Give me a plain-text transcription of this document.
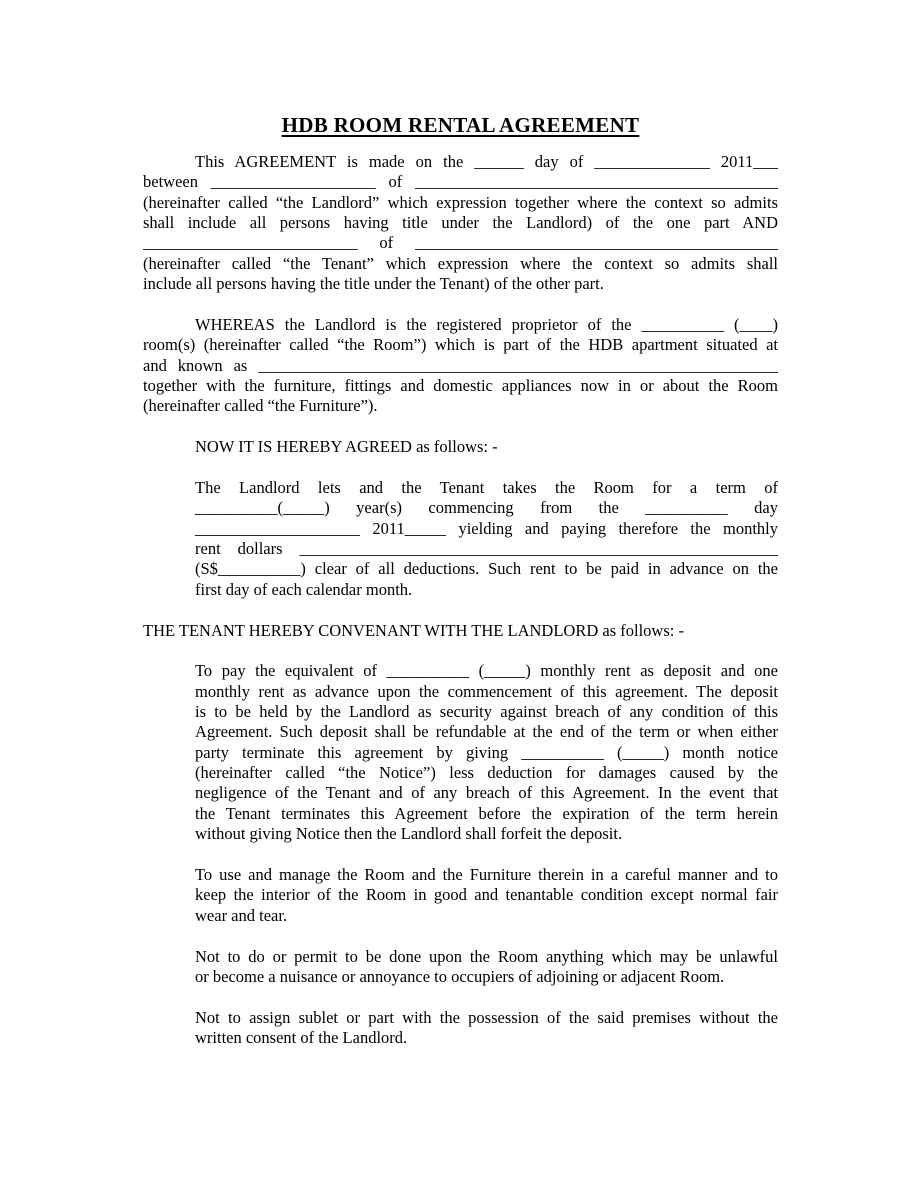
HDB ROOM RENTAL AGREEMENT
This AGREEMENT is made on the ______ day of ______________ 2011___
between ____________________ of ____________________________________________
(hereinafter called “the Landlord” which expression together where the context so admits
shall include all persons having title under the Landlord) of the one part AND
__________________________ of ____________________________________________
(hereinafter called “the Tenant” which expression where the context so admits shall
include all persons having the title under the Tenant) of the other part.
WHEREAS the Landlord is the registered proprietor of the __________ (____)
room(s) (hereinafter called “the Room”) which is part of the HDB apartment situated at
and known as _______________________________________________________________
together with the furniture, fittings and domestic appliances now in or about the Room
(hereinafter called “the Furniture”).
NOW IT IS HEREBY AGREED as follows: -
The Landlord lets and the Tenant takes the Room for a term of
__________(_____) year(s) commencing from the __________ day
____________________ 2011_____ yielding and paying therefore the monthly
rent dollars __________________________________________________________
(S$__________) clear of all deductions. Such rent to be paid in advance on the
first day of each calendar month.
THE TENANT HEREBY CONVENANT WITH THE LANDLORD as follows: -
To pay the equivalent of __________ (_____) monthly rent as deposit and one
monthly rent as advance upon the commencement of this agreement. The deposit
is to be held by the Landlord as security against breach of any condition of this
Agreement. Such deposit shall be refundable at the end of the term or when either
party terminate this agreement by giving __________ (_____) month notice
(hereinafter called “the Notice”) less deduction for damages caused by the
negligence of the Tenant and of any breach of this Agreement. In the event that
the Tenant terminates this Agreement before the expiration of the term herein
without giving Notice then the Landlord shall forfeit the deposit.
To use and manage the Room and the Furniture therein in a careful manner and to
keep the interior of the Room in good and tenantable condition except normal fair
wear and tear.
Not to do or permit to be done upon the Room anything which may be unlawful
or become a nuisance or annoyance to occupiers of adjoining or adjacent Room.
Not to assign sublet or part with the possession of the said premises without the
written consent of the Landlord.
